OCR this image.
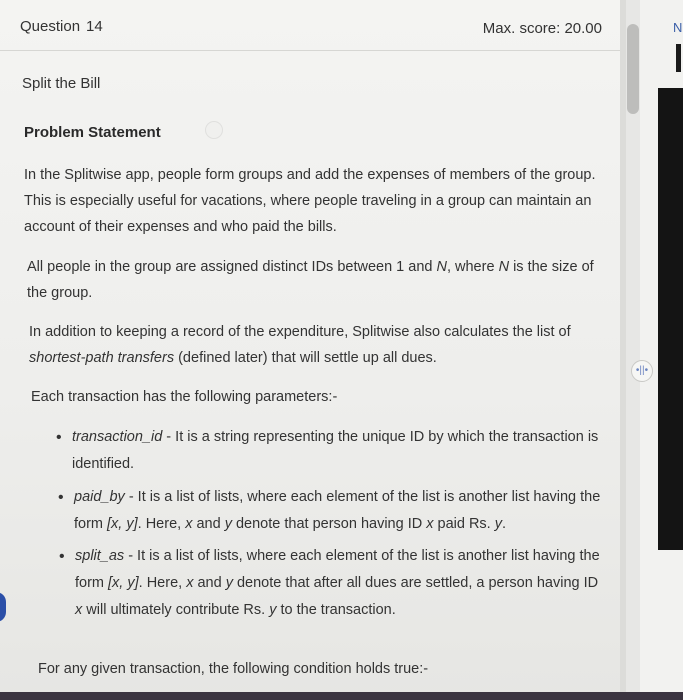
Question 14	Max. score: 20.00
Split the Bill
Problem Statement

In the Splitwise app, people form groups and add the expenses of members of the group. This is especially useful for vacations, where people traveling in a group can maintain an account of their expenses and who paid the bills.

All people in the group are assigned distinct IDs between 1 and N, where N is the size of the group.

In addition to keeping a record of the expenditure, Splitwise also calculates the list of shortest-path transfers (defined later) that will settle up all dues.

Each transaction has the following parameters:-

• transaction_id - It is a string representing the unique ID by which the transaction is identified.
• paid_by - It is a list of lists, where each element of the list is another list having the form [x, y]. Here, x and y denote that person having ID x paid Rs. y.
• split_as - It is a list of lists, where each element of the list is another list having the form [x, y]. Here, x and y denote that after all dues are settled, a person having ID x will ultimately contribute Rs. y to the transaction.

For any given transaction, the following condition holds true:-

N
•||•
